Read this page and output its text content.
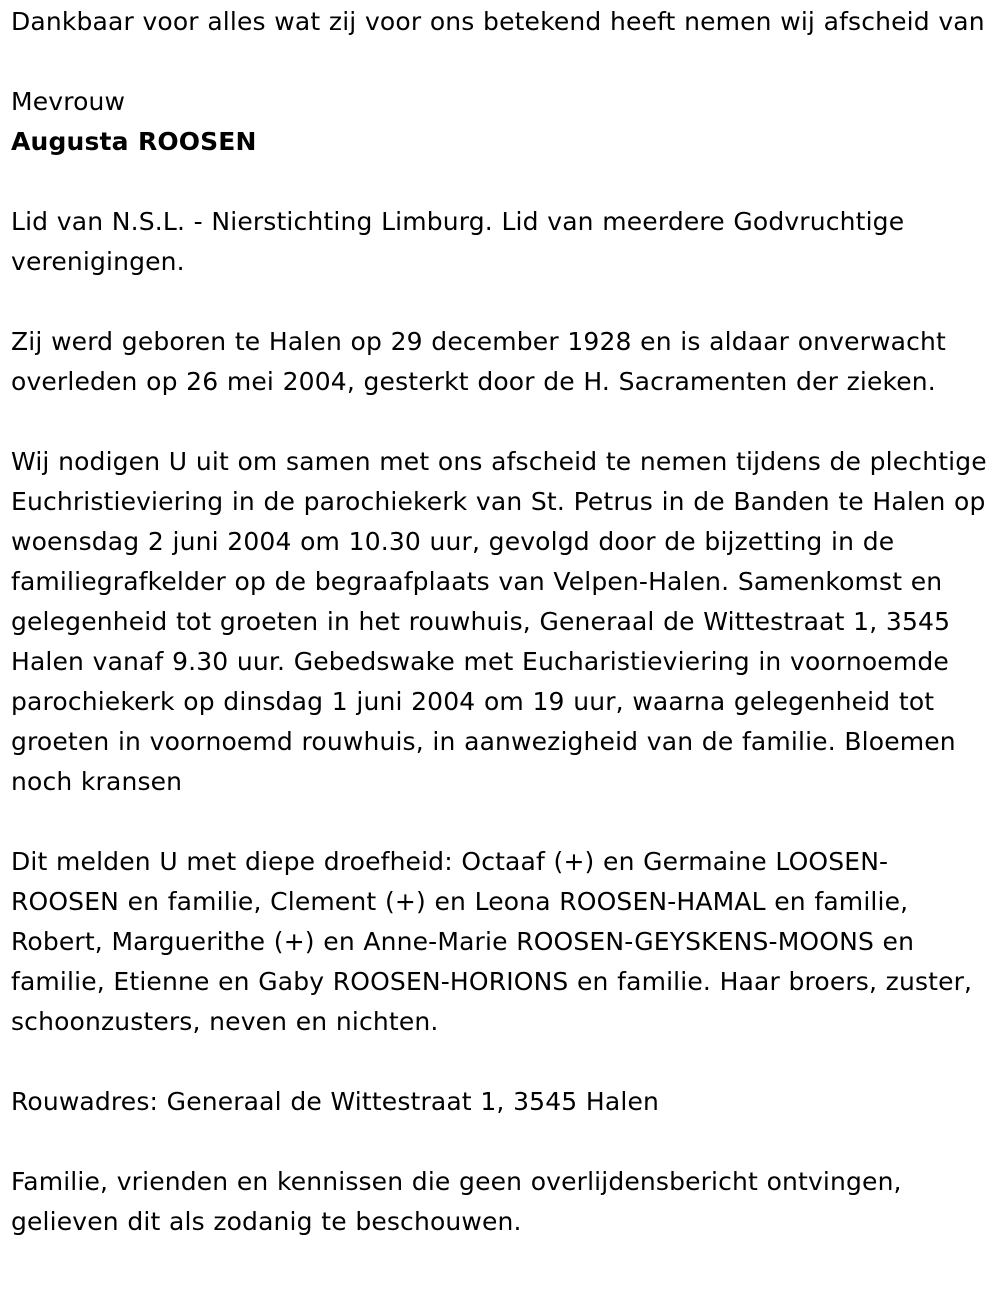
Dankbaar voor alles wat zij voor ons betekend heeft nemen wij afscheid van

Mevrouw

Augusta ROOSEN

Lid van N.S.L. - Nierstichting Limburg. Lid van meerdere Godvruchtige verenigingen.

Zij werd geboren te Halen op 29 december 1928 en is aldaar onverwacht overleden op 26 mei 2004, gesterkt door de H. Sacramenten der zieken.

Wij nodigen U uit om samen met ons afscheid te nemen tijdens de plechtige Euchristieviering in de parochiekerk van St. Petrus in de Banden te Halen op woensdag 2 juni 2004 om 10.30 uur, gevolgd door de bijzetting in de familiegrafkelder op de begraafplaats van Velpen-Halen. Samenkomst en gelegenheid tot groeten in het rouwhuis, Generaal de Wittestraat 1, 3545 Halen vanaf 9.30 uur. Gebedswake met Eucharistieviering in voornoemde parochiekerk op dinsdag 1 juni 2004 om 19 uur, waarna gelegenheid tot groeten in voornoemd rouwhuis, in aanwezigheid van de familie. Bloemen noch kransen

Dit melden U met diepe droefheid: Octaaf (+) en Germaine LOOSEN-ROOSEN en familie, Clement (+) en Leona ROOSEN-HAMAL en familie, Robert, Marguerithe (+) en Anne-Marie ROOSEN-GEYSKENS-MOONS en familie, Etienne en Gaby ROOSEN-HORIONS en familie. Haar broers, zuster, schoonzusters, neven en nichten.

Rouwadres: Generaal de Wittestraat 1, 3545 Halen

Familie, vrienden en kennissen die geen overlijdensbericht ontvingen, gelieven dit als zodanig te beschouwen.
